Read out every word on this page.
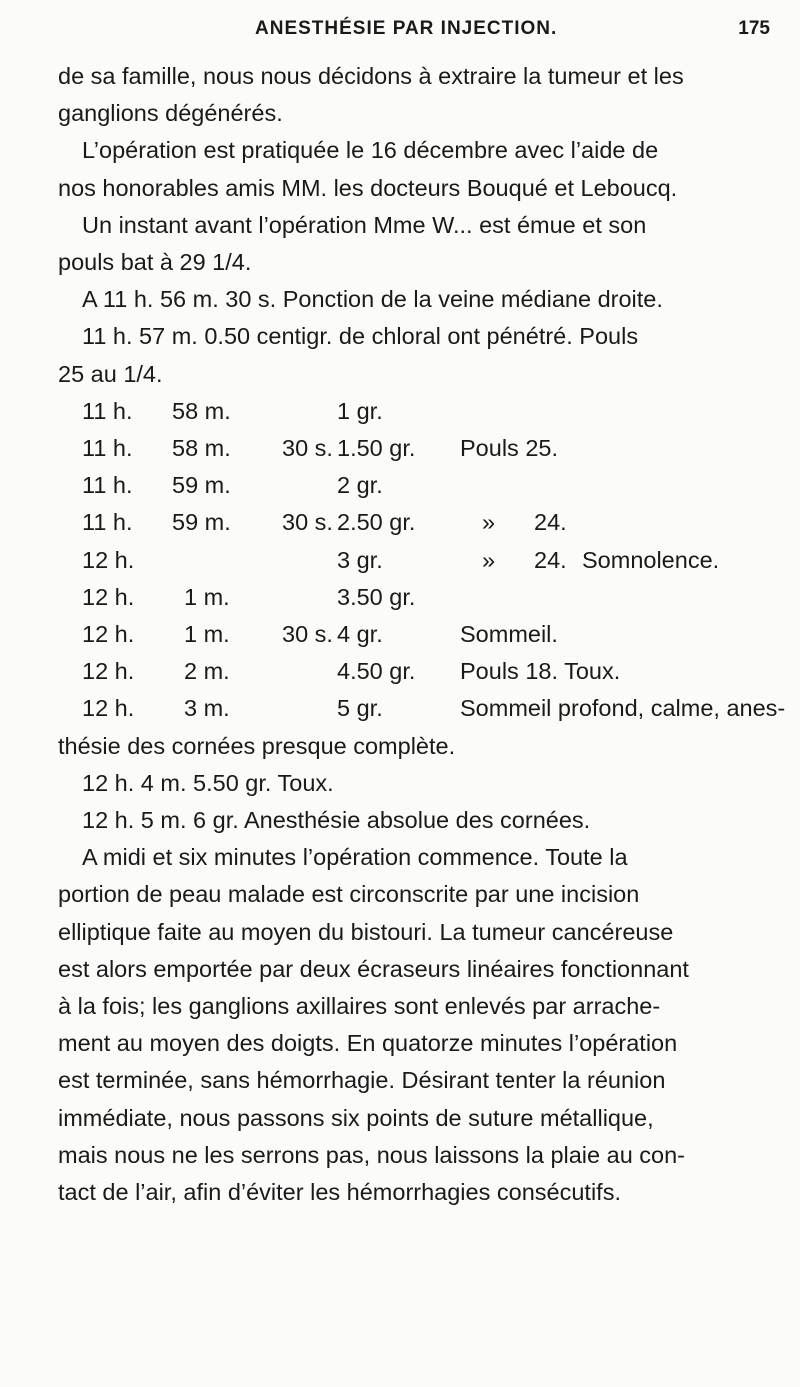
ANESTHÉSIE PAR INJECTION.	175
de sa famille, nous nous décidons à extraire la tumeur et les
ganglions dégénérés.
L’opération est pratiquée le 16 décembre avec l’aide de
nos honorables amis MM. les docteurs Bouqué et Leboucq.
Un instant avant l’opération Mme W... est émue et son
pouls bat à 29 1/4.
A 11 h. 56 m. 30 s. Ponction de la veine médiane droite.
11 h. 57 m. 0.50 centigr. de chloral ont pénétré. Pouls
25 au 1/4.
11 h. 58 m.	1 gr.
11 h. 58 m. 30 s. 1.50 gr. Pouls 25.
11 h. 59 m.	2 gr.
11 h. 59 m. 30 s. 2.50 gr.	» 24.
12 h.	3 gr.	» 24. Somnolence.
12 h. 1 m.	3.50 gr.
12 h. 1 m. 30 s. 4 gr.	Sommeil.
12 h. 2 m.	4.50 gr. Pouls 18. Toux.
12 h. 3 m.	5 gr.	Sommeil profond, calme, anes-
thésie des cornées presque complète.
12 h. 4 m. 5.50 gr. Toux.
12 h. 5 m. 6 gr. Anesthésie absolue des cornées.
A midi et six minutes l’opération commence. Toute la
portion de peau malade est circonscrite par une incision
elliptique faite au moyen du bistouri. La tumeur cancéreuse
est alors emportée par deux écraseurs linéaires fonctionnant
à la fois; les ganglions axillaires sont enlevés par arrache-
ment au moyen des doigts. En quatorze minutes l’opération
est terminée, sans hémorrhagie. Désirant tenter la réunion
immédiate, nous passons six points de suture métallique,
mais nous ne les serrons pas, nous laissons la plaie au con-
tact de l’air, afin d’éviter les hémorrhagies consécutifs.
